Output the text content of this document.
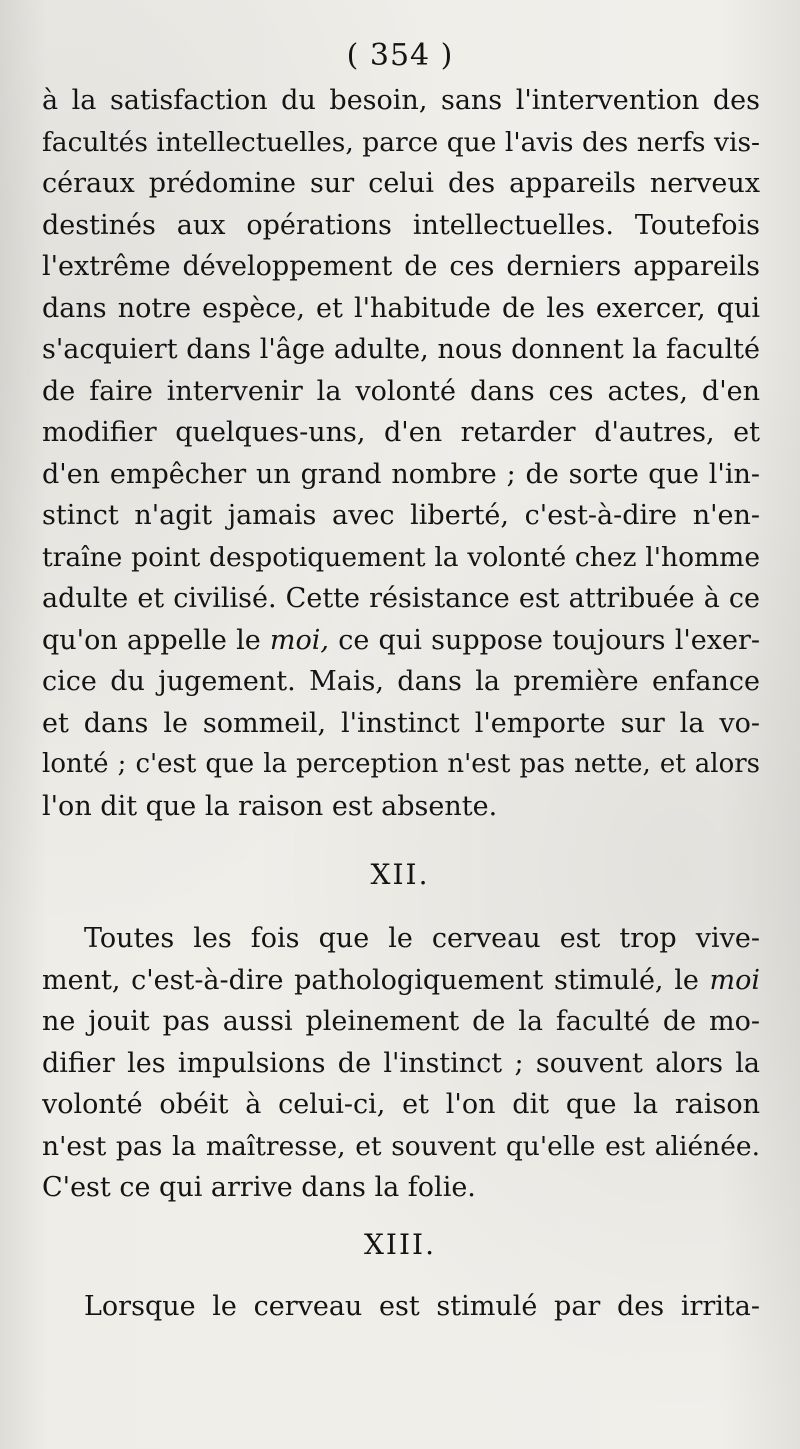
( 354 )
à la satisfaction du besoin, sans l'intervention des
facultés intellectuelles, parce que l'avis des nerfs vis-
céraux prédomine sur celui des appareils nerveux
destinés aux opérations intellectuelles. Toutefois
l'extrême développement de ces derniers appareils
dans notre espèce, et l'habitude de les exercer, qui
s'acquiert dans l'âge adulte, nous donnent la faculté
de faire intervenir la volonté dans ces actes, d'en
modifier quelques-uns, d'en retarder d'autres, et
d'en empêcher un grand nombre ; de sorte que l'in-
stinct n'agit jamais avec liberté, c'est-à-dire n'en-
traîne point despotiquement la volonté chez l'homme
adulte et civilisé. Cette résistance est attribuée à ce
qu'on appelle le moi, ce qui suppose toujours l'exer-
cice du jugement. Mais, dans la première enfance
et dans le sommeil, l'instinct l'emporte sur la vo-
lonté ; c'est que la perception n'est pas nette, et alors
l'on dit que la raison est absente.
XII.
Toutes les fois que le cerveau est trop vive-
ment, c'est-à-dire pathologiquement stimulé, le moi
ne jouit pas aussi pleinement de la faculté de mo-
difier les impulsions de l'instinct ; souvent alors la
volonté obéit à celui-ci, et l'on dit que la raison
n'est pas la maîtresse, et souvent qu'elle est aliénée.
C'est ce qui arrive dans la folie.
XIII.
Lorsque le cerveau est stimulé par des irrita-
